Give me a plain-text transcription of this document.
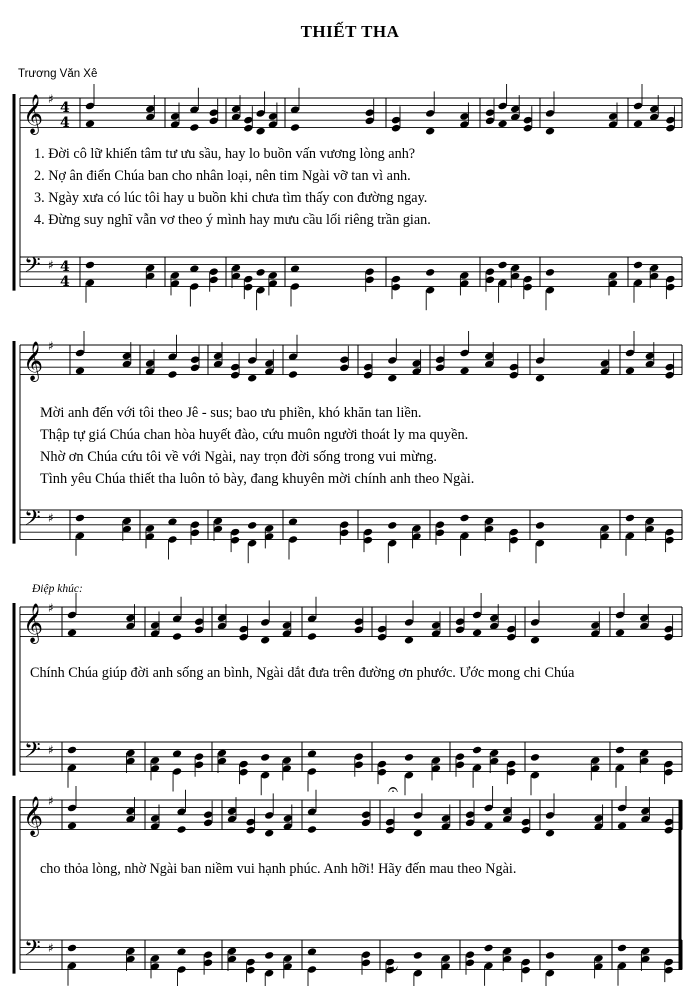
THIẾT THA
Trương Văn Xê
𝄞
𝄢
♯
♯
4
4
4
4
𝄞
𝄢
♯
♯
𝄞
𝄢
♯
♯
𝄞
𝄢
♯
♯
𝄐
𝄑
1. Đời cô lữ khiến tâm tư ưu sầu, hay lo buồn vấn vương lòng anh?
2. Nợ ân điển Chúa ban cho nhân loại, nên tim Ngài vỡ tan vì anh.
3. Ngày xưa có lúc tôi hay u buồn khi chưa tìm thấy con đường ngay.
4. Đừng suy nghĩ vẫn vơ theo ý mình hay mưu cầu lối riêng trần gian.
Mời anh đến với tôi theo Jê - sus; bao ưu phiền, khó khăn tan liền.
Thập tự giá Chúa chan hòa huyết đào, cứu muôn người thoát ly ma quyền.
Nhờ ơn Chúa cứu tôi về với Ngài, nay trọn đời sống trong vui mừng.
Tình yêu Chúa thiết tha luôn tỏ bày, đang khuyên mời chính anh theo Ngài.
Điệp khúc:
Chính Chúa giúp đời anh sống an bình, Ngài dắt đưa trên đường ơn phước. Ước mong chi Chúa
cho thỏa lòng, nhờ Ngài ban niềm vui hạnh phúc. Anh hỡi! Hãy đến mau theo Ngài.
